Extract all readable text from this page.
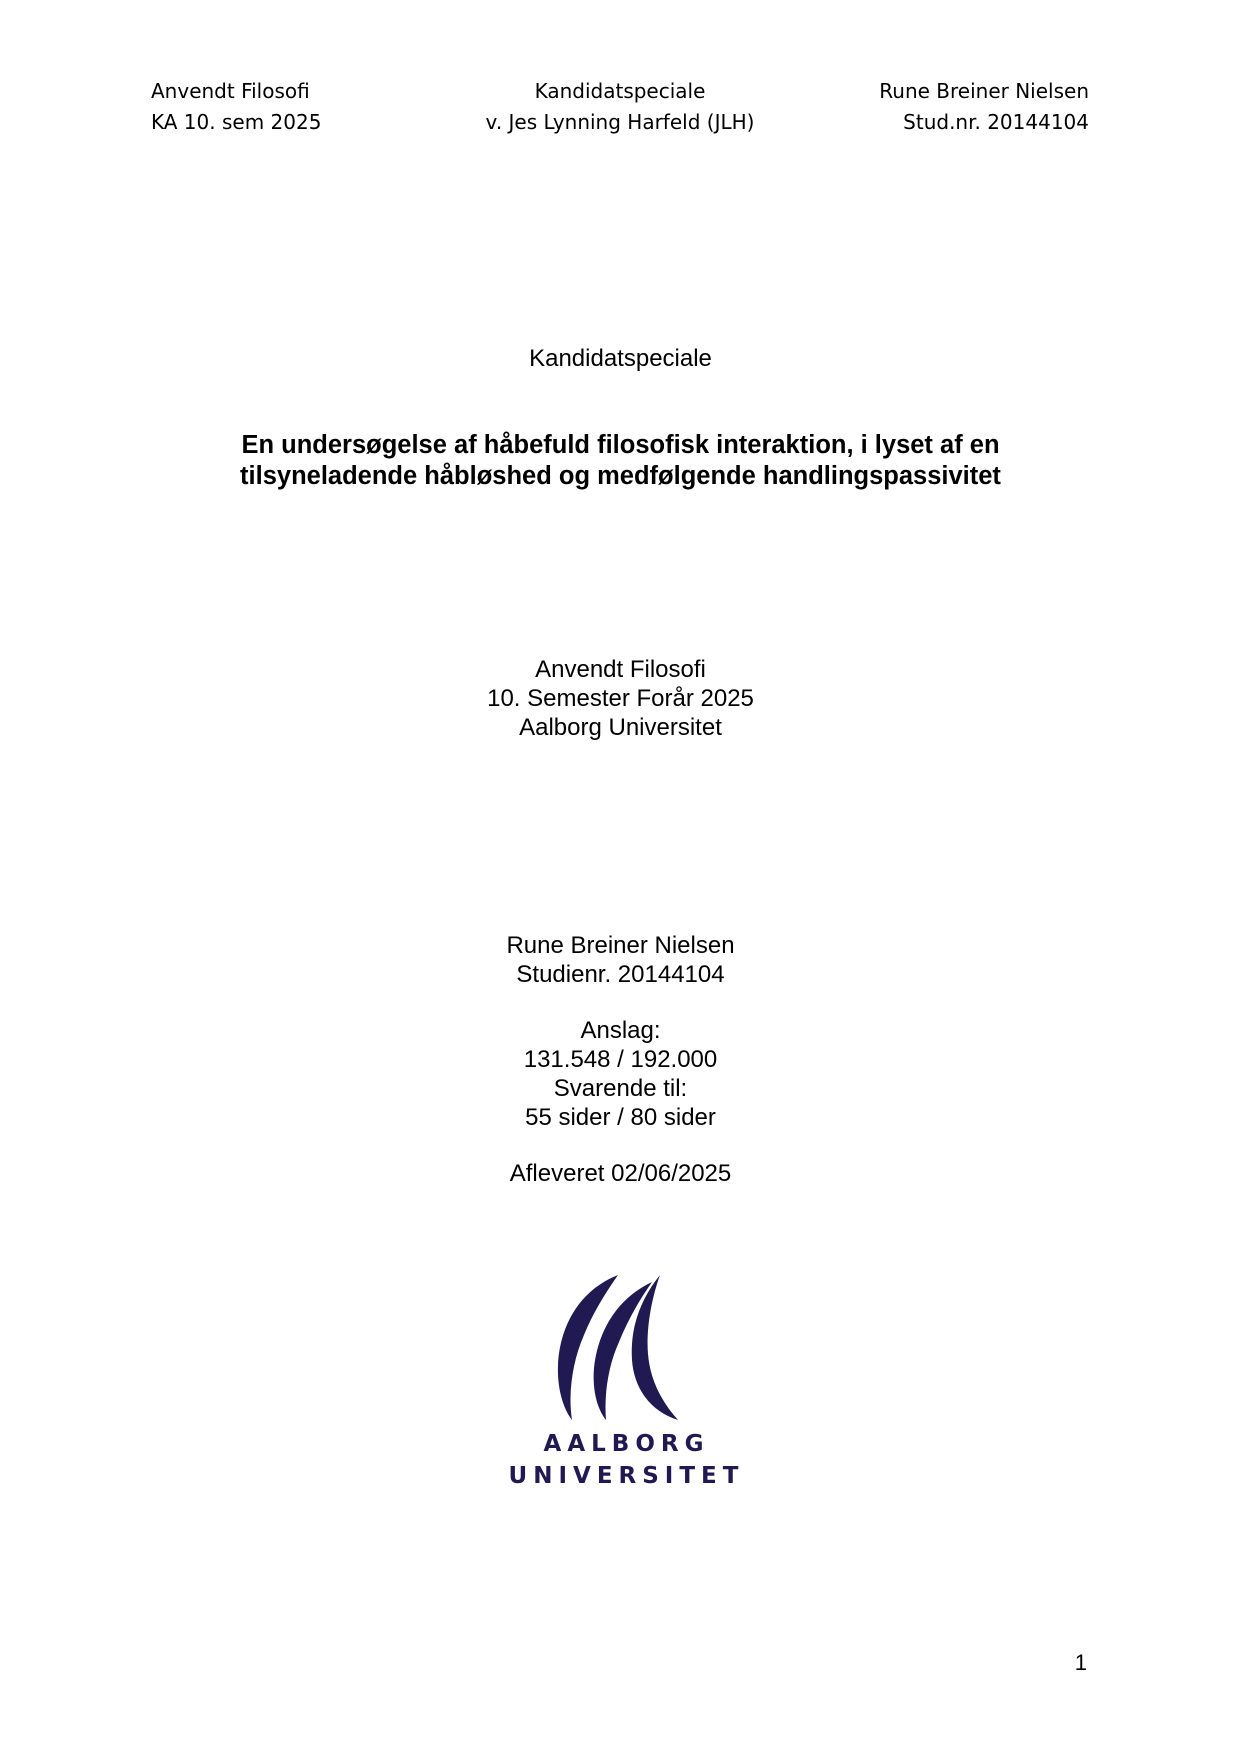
Anvendt Filosofi
KA 10. sem 2025
Kandidatspeciale
v. Jes Lynning Harfeld (JLH)
Rune Breiner Nielsen
Stud.nr. 20144104
Kandidatspeciale
En undersøgelse af håbefuld filosofisk interaktion, i lyset af en
tilsyneladende håbløshed og medfølgende handlingspassivitet
Anvendt Filosofi
10. Semester Forår 2025
Aalborg Universitet
Rune Breiner Nielsen
Studienr. 20144104
Anslag:
131.548 / 192.000
Svarende til:
55 sider / 80 sider
Afleveret 02/06/2025
AALBORG
UNIVERSITET
1
